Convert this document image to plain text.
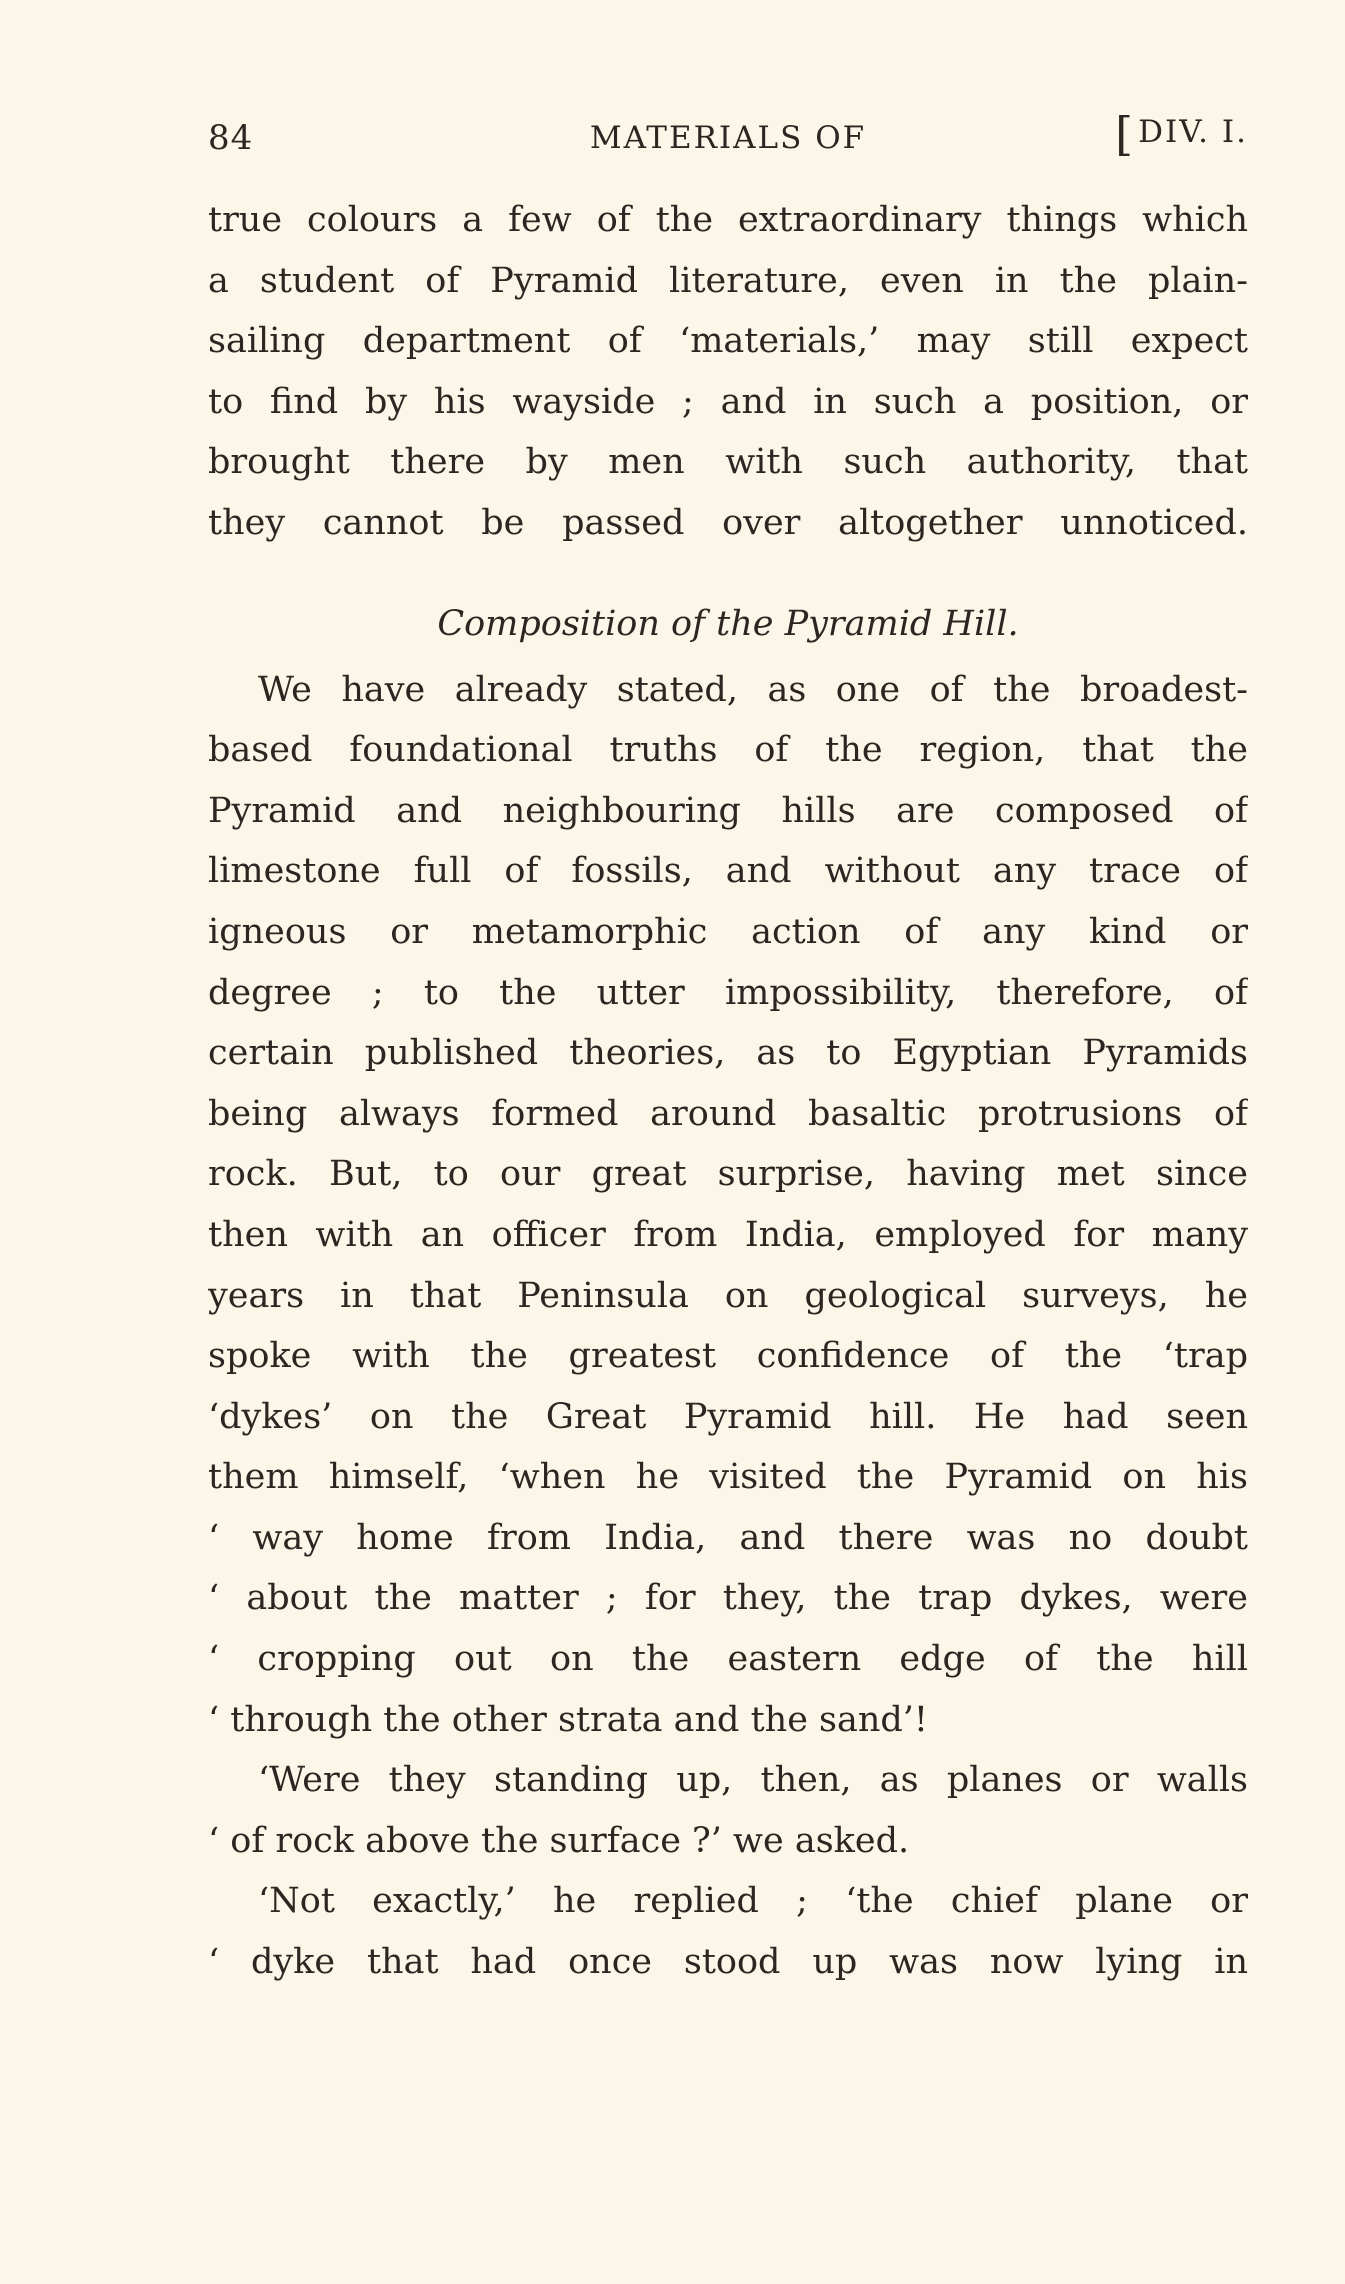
84	MATERIALS OF	[DIV. I.
true colours a few of the extraordinary things which
a student of Pyramid literature, even in the plain-
sailing department of ‘materials,’ may still expect
to find by his wayside ; and in such a position, or
brought there by men with such authority, that
they cannot be passed over altogether unnoticed.
Composition of the Pyramid Hill.
We have already stated, as one of the broadest-
based foundational truths of the region, that the
Pyramid and neighbouring hills are composed of
limestone full of fossils, and without any trace of
igneous or metamorphic action of any kind or
degree ; to the utter impossibility, therefore, of
certain published theories, as to Egyptian Pyramids
being always formed around basaltic protrusions of
rock. But, to our great surprise, having met since
then with an officer from India, employed for many
years in that Peninsula on geological surveys, he
spoke with the greatest confidence of the ‘trap
‘dykes’ on the Great Pyramid hill. He had seen
them himself, ‘when he visited the Pyramid on his
‘ way home from India, and there was no doubt
‘ about the matter ; for they, the trap dykes, were
‘ cropping out on the eastern edge of the hill
‘ through the other strata and the sand’!
‘Were they standing up, then, as planes or walls
‘ of rock above the surface ?’ we asked.
‘Not exactly,’ he replied ; ‘the chief plane or
‘ dyke that had once stood up was now lying in
